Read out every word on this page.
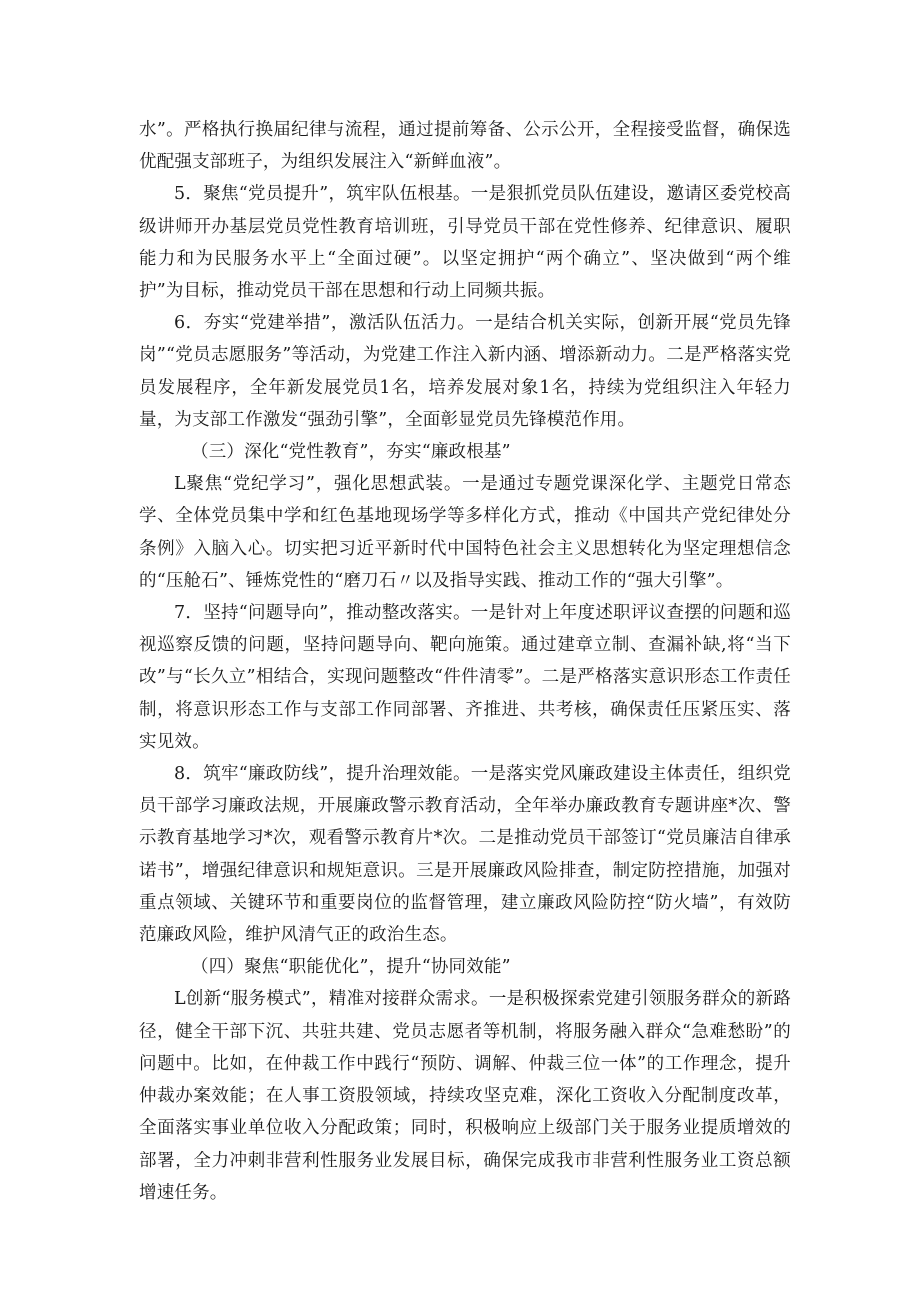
水”。严格执行换届纪律与流程，通过提前筹备、公示公开，全程接受监督，确保选优配强支部班子，为组织发展注入“新鲜血液”。

5．聚焦“党员提升”，筑牢队伍根基。一是狠抓党员队伍建设，邀请区委党校高级讲师开办基层党员党性教育培训班，引导党员干部在党性修养、纪律意识、履职能力和为民服务水平上“全面过硬”。以坚定拥护“两个确立”、坚决做到“两个维护”为目标，推动党员干部在思想和行动上同频共振。

6．夯实“党建举措”，激活队伍活力。一是结合机关实际，创新开展“党员先锋岗”“党员志愿服务”等活动，为党建工作注入新内涵、增添新动力。二是严格落实党员发展程序，全年新发展党员1名，培养发展对象1名，持续为党组织注入年轻力量，为支部工作激发“强劲引擎”，全面彰显党员先锋模范作用。

（三）深化“党性教育”，夯实“廉政根基”

L聚焦“党纪学习”，强化思想武装。一是通过专题党课深化学、主题党日常态学、全体党员集中学和红色基地现场学等多样化方式，推动《中国共产党纪律处分条例》入脑入心。切实把习近平新时代中国特色社会主义思想转化为坚定理想信念的“压舱石”、锤炼党性的“磨刀石〃以及指导实践、推动工作的“强大引擎”。

7．坚持“问题导向”，推动整改落实。一是针对上年度述职评议查摆的问题和巡视巡察反馈的问题，坚持问题导向、靶向施策。通过建章立制、查漏补缺,将“当下改”与“长久立”相结合，实现问题整改“件件清零”。二是严格落实意识形态工作责任制，将意识形态工作与支部工作同部署、齐推进、共考核，确保责任压紧压实、落实见效。

8．筑牢“廉政防线”，提升治理效能。一是落实党风廉政建设主体责任，组织党员干部学习廉政法规，开展廉政警示教育活动，全年举办廉政教育专题讲座*次、警示教育基地学习*次，观看警示教育片*次。二是推动党员干部签订“党员廉洁自律承诺书”，增强纪律意识和规矩意识。三是开展廉政风险排查，制定防控措施，加强对重点领域、关键环节和重要岗位的监督管理，建立廉政风险防控“防火墙”，有效防范廉政风险，维护风清气正的政治生态。

（四）聚焦“职能优化”，提升“协同效能”

L创新“服务模式”，精准对接群众需求。一是积极探索党建引领服务群众的新路径，健全干部下沉、共驻共建、党员志愿者等机制，将服务融入群众“急难愁盼”的问题中。比如，在仲裁工作中践行“预防、调解、仲裁三位一体”的工作理念，提升仲裁办案效能；在人事工资股领域，持续攻坚克难，深化工资收入分配制度改革，全面落实事业单位收入分配政策；同时，积极响应上级部门关于服务业提质增效的部署，全力冲刺非营利性服务业发展目标，确保完成我市非营利性服务业工资总额增速任务。
